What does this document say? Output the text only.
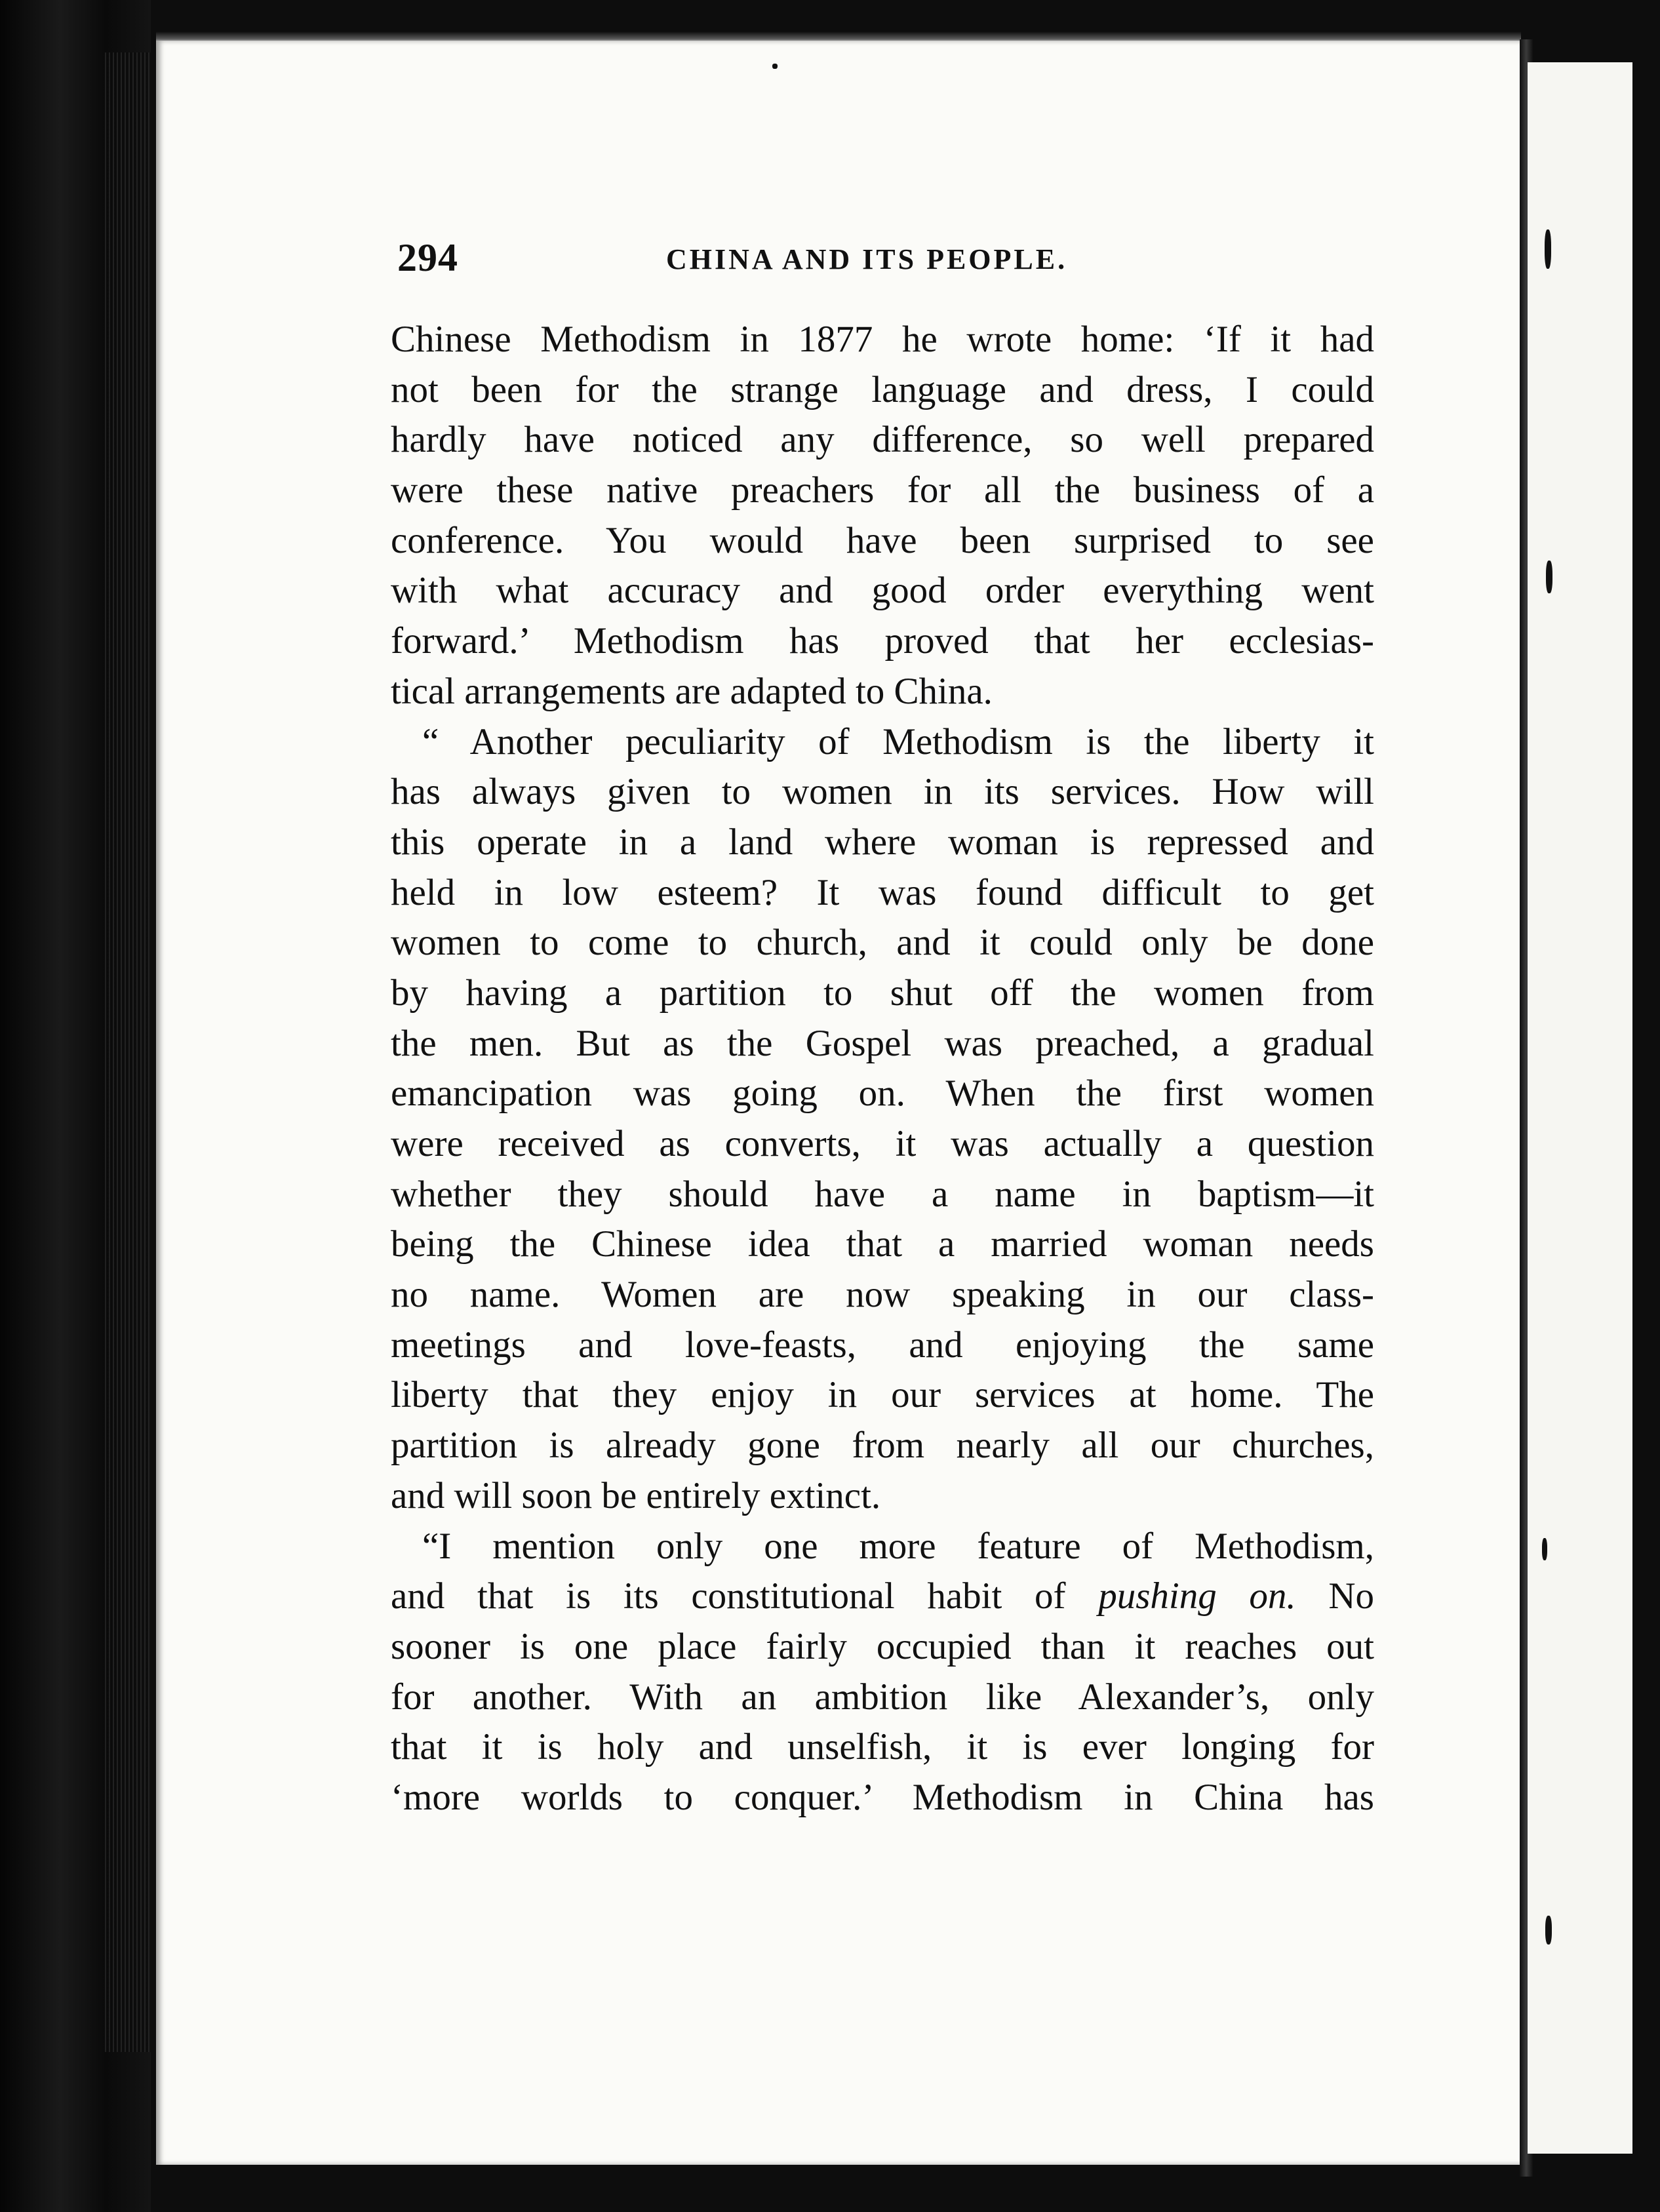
294	CHINA AND ITS PEOPLE.
Chinese Methodism in 1877 he wrote home: ‘If it had
not been for the strange language and dress, I could
hardly have noticed any difference, so well prepared
were these native preachers for all the business of a
conference. You would have been surprised to see
with what accuracy and good order everything went
forward.’ Methodism has proved that her ecclesias-
tical arrangements are adapted to China.
“ Another peculiarity of Methodism is the liberty it
has always given to women in its services. How will
this operate in a land where woman is repressed and
held in low esteem? It was found difficult to get
women to come to church, and it could only be done
by having a partition to shut off the women from
the men. But as the Gospel was preached, a gradual
emancipation was going on. When the first women
were received as converts, it was actually a question
whether they should have a name in baptism—it
being the Chinese idea that a married woman needs
no name. Women are now speaking in our class-
meetings and love-feasts, and enjoying the same
liberty that they enjoy in our services at home. The
partition is already gone from nearly all our churches,
and will soon be entirely extinct.
“I mention only one more feature of Methodism,
and that is its constitutional habit of pushing on. No
sooner is one place fairly occupied than it reaches out
for another. With an ambition like Alexander’s, only
that it is holy and unselfish, it is ever longing for
‘more worlds to conquer.’ Methodism in China has
